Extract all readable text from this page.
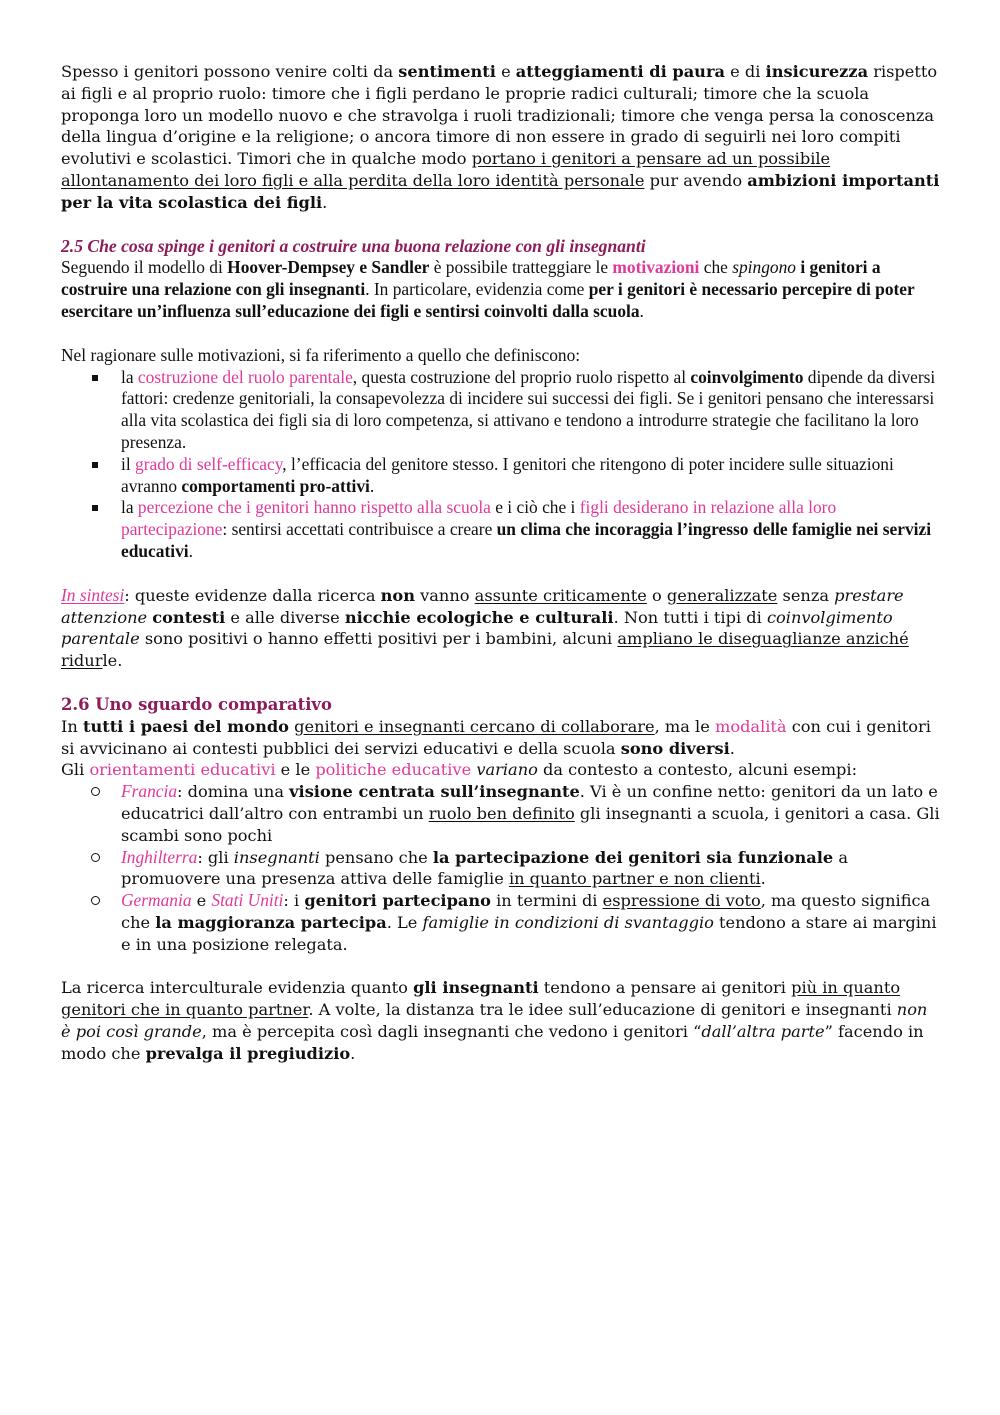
Spesso i genitori possono venire colti da sentimenti e atteggiamenti di paura e di insicurezza rispetto ai figli e al proprio ruolo: timore che i figli perdano le proprie radici culturali; timore che la scuola proponga loro un modello nuovo e che stravolga i ruoli tradizionali; timore che venga persa la conoscenza della lingua d’origine e la religione; o ancora timore di non essere in grado di seguirli nei loro compiti evolutivi e scolastici. Timori che in qualche modo portano i genitori a pensare ad un possibile allontanamento dei loro figli e alla perdita della loro identità personale pur avendo ambizioni importanti per la vita scolastica dei figli.

2.5 Che cosa spinge i genitori a costruire una buona relazione con gli insegnanti

Seguendo il modello di Hoover-Dempsey e Sandler è possibile tratteggiare le motivazioni che spingono i genitori a costruire una relazione con gli insegnanti. In particolare, evidenzia come per i genitori è necessario percepire di poter esercitare un’influenza sull’educazione dei figli e sentirsi coinvolti dalla scuola.

Nel ragionare sulle motivazioni, si fa riferimento a quello che definiscono:

la costruzione del ruolo parentale, questa costruzione del proprio ruolo rispetto al coinvolgimento dipende da diversi fattori: credenze genitoriali, la consapevolezza di incidere sui successi dei figli. Se i genitori pensano che interessarsi alla vita scolastica dei figli sia di loro competenza, si attivano e tendono a introdurre strategie che facilitano la loro presenza.
il grado di self-efficacy, l’efficacia del genitore stesso. I genitori che ritengono di poter incidere sulle situazioni avranno comportamenti pro-attivi.
la percezione che i genitori hanno rispetto alla scuola e i ciò che i figli desiderano in relazione alla loro partecipazione: sentirsi accettati contribuisce a creare un clima che incoraggia l’ingresso delle famiglie nei servizi educativi.

In sintesi: queste evidenze dalla ricerca non vanno assunte criticamente o generalizzate senza prestare attenzione contesti e alle diverse nicchie ecologiche e culturali. Non tutti i tipi di coinvolgimento parentale sono positivi o hanno effetti positivi per i bambini, alcuni ampliano le diseguaglianze anziché ridurle.

2.6 Uno sguardo comparativo

In tutti i paesi del mondo genitori e insegnanti cercano di collaborare, ma le modalità con cui i genitori si avvicinano ai contesti pubblici dei servizi educativi e della scuola sono diversi.

Gli orientamenti educativi e le politiche educative variano da contesto a contesto, alcuni esempi:

Francia: domina una visione centrata sull’insegnante. Vi è un confine netto: genitori da un lato e educatrici dall’altro con entrambi un ruolo ben definito gli insegnanti a scuola, i genitori a casa. Gli scambi sono pochi
Inghilterra: gli insegnanti pensano che la partecipazione dei genitori sia funzionale a promuovere una presenza attiva delle famiglie in quanto partner e non clienti.
Germania e Stati Uniti: i genitori partecipano in termini di espressione di voto, ma questo significa che la maggioranza partecipa. Le famiglie in condizioni di svantaggio tendono a stare ai margini e in una posizione relegata.

La ricerca interculturale evidenzia quanto gli insegnanti tendono a pensare ai genitori più in quanto genitori che in quanto partner. A volte, la distanza tra le idee sull’educazione di genitori e insegnanti non è poi così grande, ma è percepita così dagli insegnanti che vedono i genitori “dall’altra parte” facendo in modo che prevalga il pregiudizio.
